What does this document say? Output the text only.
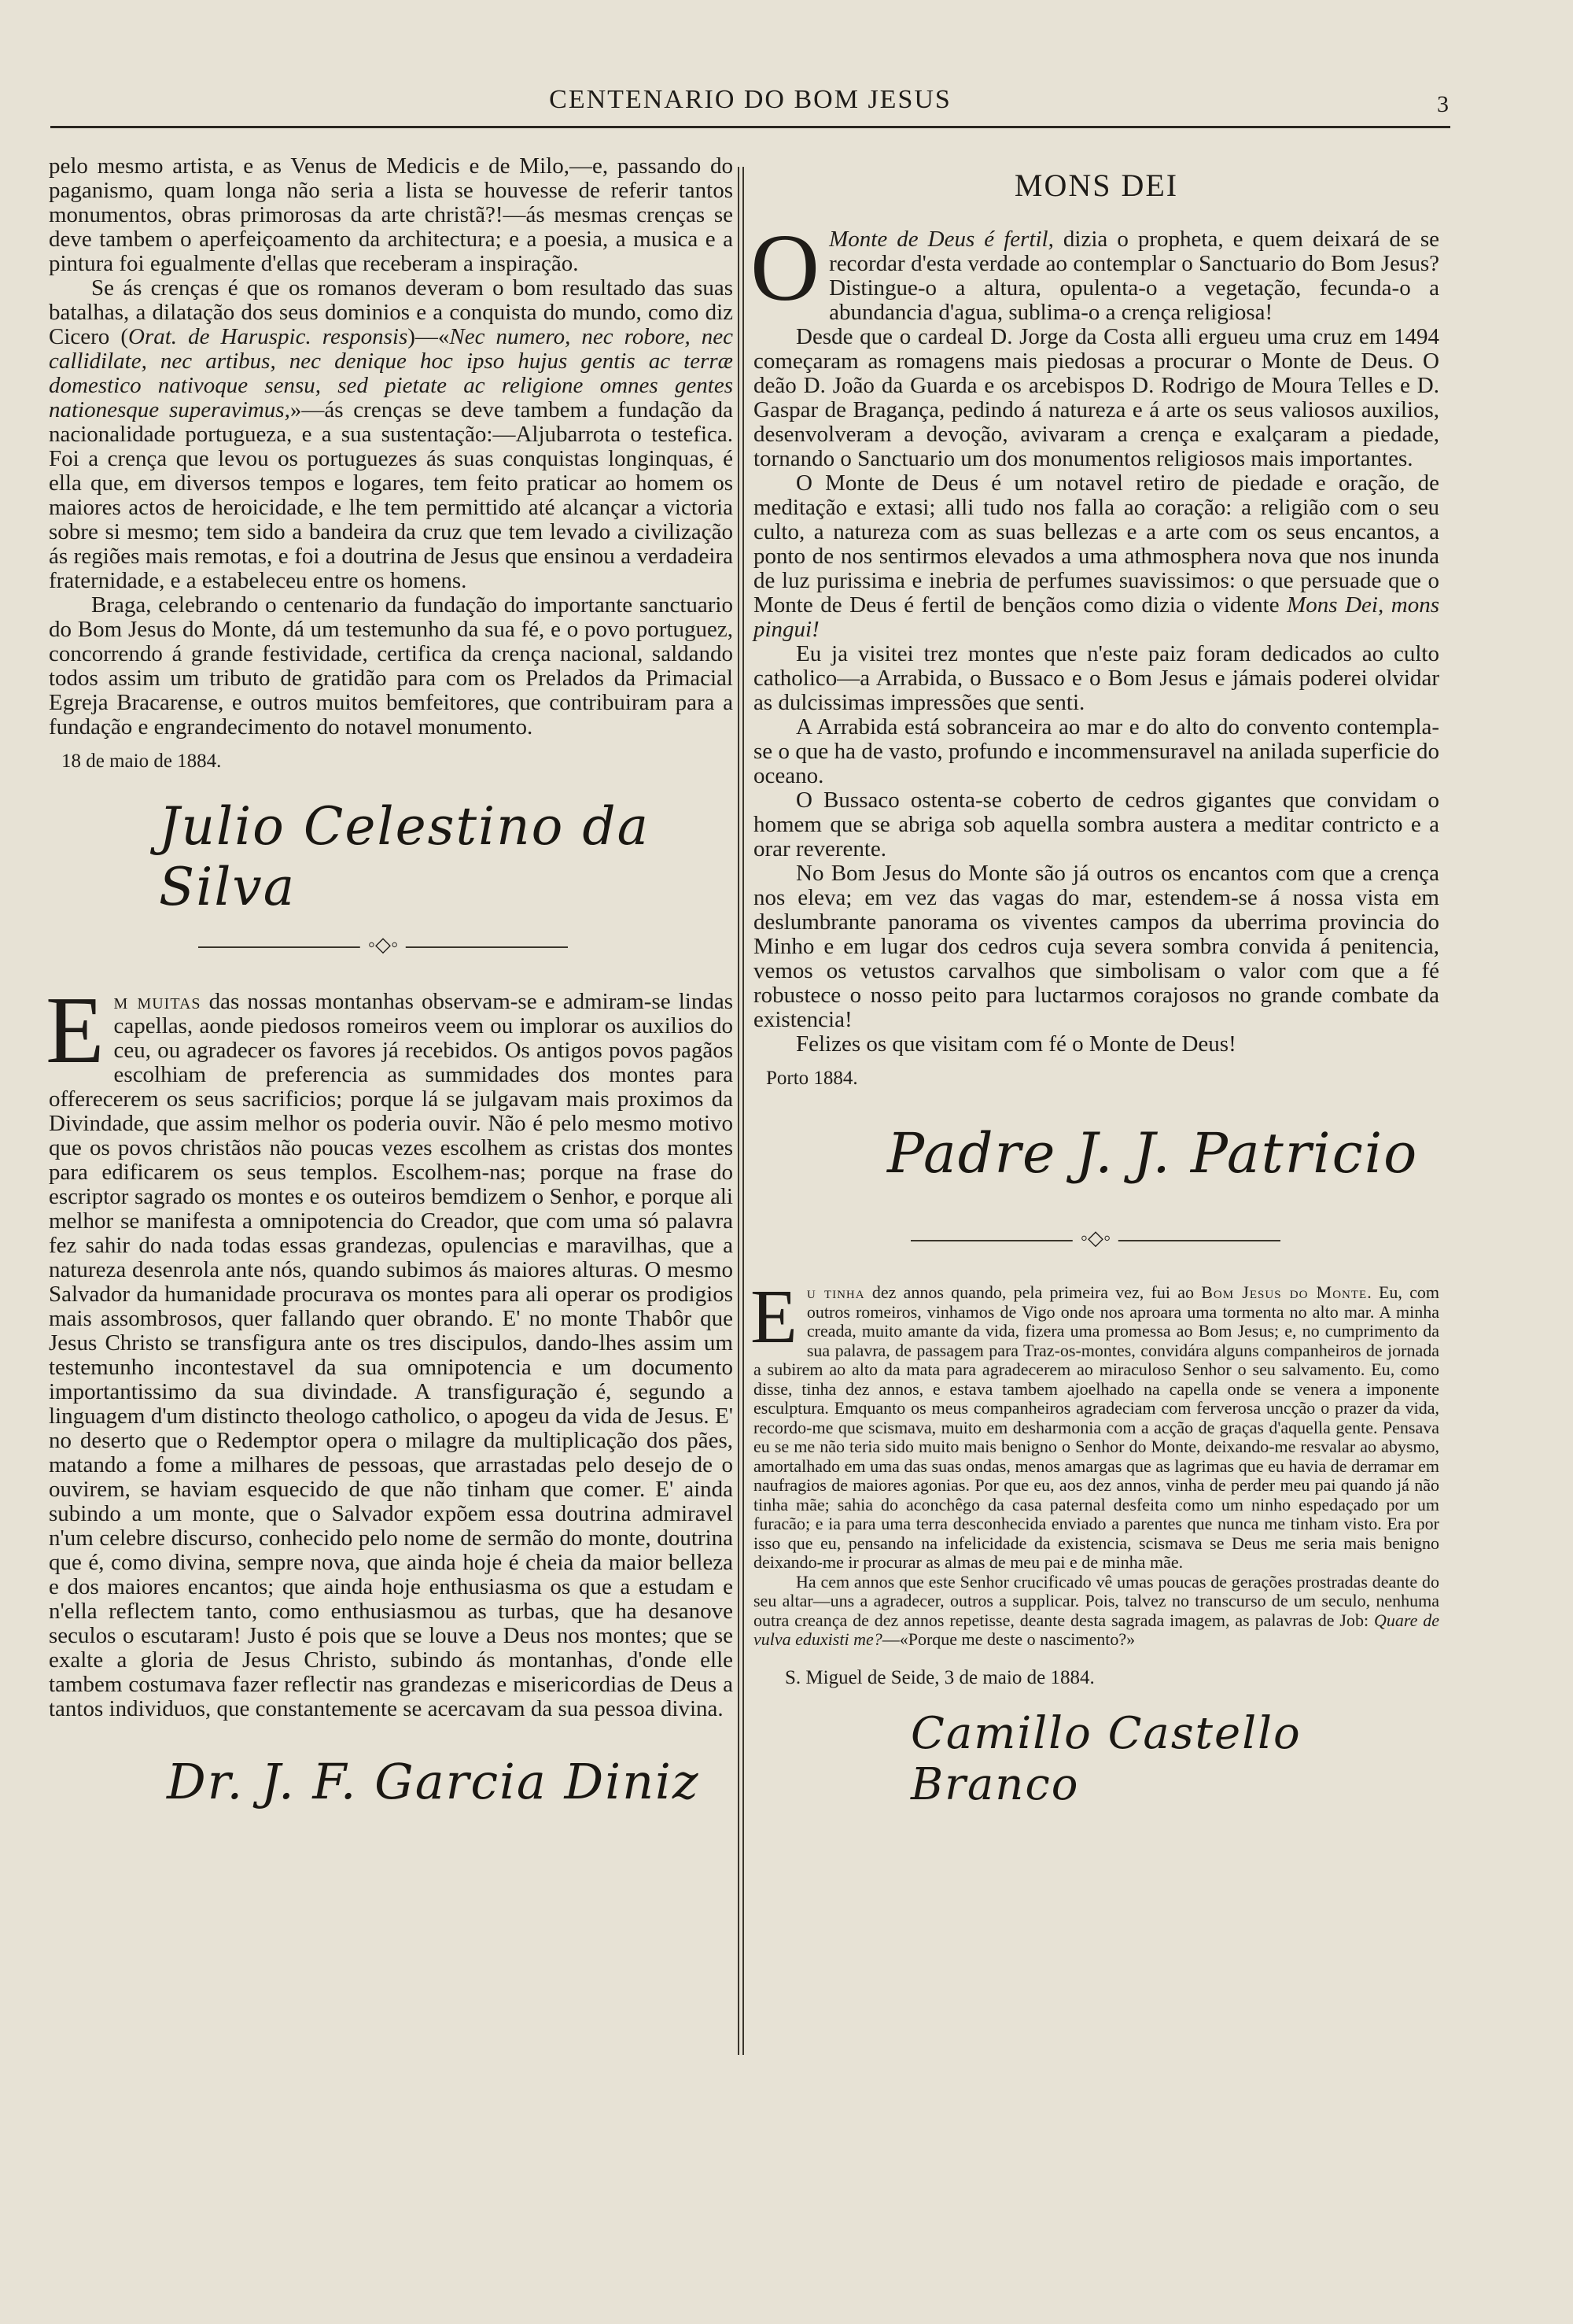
CENTENARIO DO BOM JESUS	3

pelo mesmo artista, e as Venus de Medicis e de Milo,—e, passando do paganismo, quam longa não seria a lista se houvesse de referir tantos monumentos, obras primorosas da arte christã?!—ás mesmas crenças se deve tambem o aperfeiçoamento da architectura; e a poesia, a musica e a pintura foi egualmente d'ellas que receberam a inspiração.

Se ás crenças é que os romanos deveram o bom resultado das suas batalhas, a dilatação dos seus dominios e a conquista do mundo, como diz Cicero (Orat. de Haruspic. responsis)—«Nec numero, nec robore, nec callidilate, nec artibus, nec denique hoc ipso hujus gentis ac terræ domestico nativoque sensu, sed pietate ac religione omnes gentes nationesque superavimus,»—ás crenças se deve tambem a fundação da nacionalidade portugueza, e a sua sustentação:—Aljubarrota o testefica. Foi a crença que levou os portuguezes ás suas conquistas longinquas, é ella que, em diversos tempos e logares, tem feito praticar ao homem os maiores actos de heroicidade, e lhe tem permittido até alcançar a victoria sobre si mesmo; tem sido a bandeira da cruz que tem levado a civilização ás regiões mais remotas, e foi a doutrina de Jesus que ensinou a verdadeira fraternidade, e a estabeleceu entre os homens.

Braga, celebrando o centenario da fundação do importante sanctuario do Bom Jesus do Monte, dá um testemunho da sua fé, e o povo portuguez, concorrendo á grande festividade, certifica da crença nacional, saldando todos assim um tributo de gratidão para com os Prelados da Primacial Egreja Bracarense, e outros muitos bemfeitores, que contribuiram para a fundação e engrandecimento do notavel monumento.

18 de maio de 1884.
Julio Celestino da Silva
◦◇◦

Em muitas das nossas montanhas observam-se e admiram-se lindas capellas, aonde piedosos romeiros veem ou implorar os auxilios do ceu, ou agradecer os favores já recebidos. Os antigos povos pagãos escolhiam de preferencia as summidades dos montes para offerecerem os seus sacrificios; porque lá se julgavam mais proximos da Divindade, que assim melhor os poderia ouvir. Não é pelo mesmo motivo que os povos christãos não poucas vezes escolhem as cristas dos montes para edificarem os seus templos. Escolhem-nas; porque na frase do escriptor sagrado os montes e os outeiros bemdizem o Senhor, e porque ali melhor se manifesta a omnipotencia do Creador, que com uma só palavra fez sahir do nada todas essas grandezas, opulencias e maravilhas, que a natureza desenrola ante nós, quando subimos ás maiores alturas. O mesmo Salvador da humanidade procurava os montes para ali operar os prodigios mais assombrosos, quer fallando quer obrando. E' no monte Thabôr que Jesus Christo se transfigura ante os tres discipulos, dando-lhes assim um testemunho incontestavel da sua omnipotencia e um documento importantissimo da sua divindade. A transfiguração é, segundo a linguagem d'um distincto theologo catholico, o apogeu da vida de Jesus. E' no deserto que o Redemptor opera o milagre da multiplicação dos pães, matando a fome a milhares de pessoas, que arrastadas pelo desejo de o ouvirem, se haviam esquecido de que não tinham que comer. E' ainda subindo a um monte, que o Salvador expõem essa doutrina admiravel n'um celebre discurso, conhecido pelo nome de sermão do monte, doutrina que é, como divina, sempre nova, que ainda hoje é cheia da maior belleza e dos maiores encantos; que ainda hoje enthusiasma os que a estudam e n'ella reflectem tanto, como enthusiasmou as turbas, que ha desanove seculos o escutaram! Justo é pois que se louve a Deus nos montes; que se exalte a gloria de Jesus Christo, subindo ás montanhas, d'onde elle tambem costumava fazer reflectir nas grandezas e misericordias de Deus a tantos individuos, que constantemente se acercavam da sua pessoa divina.

Dr. J. F. Garcia Diniz
MONS DEI

O Monte de Deus é fertil, dizia o propheta, e quem deixará de se recordar d'esta verdade ao contemplar o Sanctuario do Bom Jesus? Distingue-o a altura, opulenta-o a vegetação, fecunda-o a abundancia d'agua, sublima-o a crença religiosa!

Desde que o cardeal D. Jorge da Costa alli ergueu uma cruz em 1494 começaram as romagens mais piedosas a procurar o Monte de Deus. O deão D. João da Guarda e os arcebispos D. Rodrigo de Moura Telles e D. Gaspar de Bragança, pedindo á natureza e á arte os seus valiosos auxilios, desenvolveram a devoção, avivaram a crença e exalçaram a piedade, tornando o Sanctuario um dos monumentos religiosos mais importantes.

O Monte de Deus é um notavel retiro de piedade e oração, de meditação e extasi; alli tudo nos falla ao coração: a religião com o seu culto, a natureza com as suas bellezas e a arte com os seus encantos, a ponto de nos sentirmos elevados a uma athmosphera nova que nos inunda de luz purissima e inebria de perfumes suavissimos: o que persuade que o Monte de Deus é fertil de bençãos como dizia o vidente Mons Dei, mons pingui!

Eu ja visitei trez montes que n'este paiz foram dedicados ao culto catholico—a Arrabida, o Bussaco e o Bom Jesus e jámais poderei olvidar as dulcissimas impressões que senti.

A Arrabida está sobranceira ao mar e do alto do convento contempla-se o que ha de vasto, profundo e incommensuravel na anilada superficie do oceano.

O Bussaco ostenta-se coberto de cedros gigantes que convidam o homem que se abriga sob aquella sombra austera a meditar contricto e a orar reverente.

No Bom Jesus do Monte são já outros os encantos com que a crença nos eleva; em vez das vagas do mar, estendem-se á nossa vista em deslumbrante panorama os viventes campos da uberrima provincia do Minho e em lugar dos cedros cuja severa sombra convida á penitencia, vemos os vetustos carvalhos que simbolisam o valor com que a fé robustece o nosso peito para luctarmos corajosos no grande combate da existencia!

Felizes os que visitam com fé o Monte de Deus!

Porto 1884.
Padre J. J. Patricio
◦◇◦

Eu tinha dez annos quando, pela primeira vez, fui ao Bom Jesus do Monte. Eu, com outros romeiros, vinhamos de Vigo onde nos aproara uma tormenta no alto mar. A minha creada, muito amante da vida, fizera uma promessa ao Bom Jesus; e, no cumprimento da sua palavra, de passagem para Traz-os-montes, convidára alguns companheiros de jornada a subirem ao alto da mata para agradecerem ao miraculoso Senhor o seu salvamento. Eu, como disse, tinha dez annos, e estava tambem ajoelhado na capella onde se venera a imponente esculptura. Emquanto os meus companheiros agradeciam com ferverosa uncção o prazer da vida, recordo-me que scismava, muito em desharmonia com a acção de graças d'aquella gente. Pensava eu se me não teria sido muito mais benigno o Senhor do Monte, deixando-me resvalar ao abysmo, amortalhado em uma das suas ondas, menos amargas que as lagrimas que eu havia de derramar em naufragios de maiores agonias. Por que eu, aos dez annos, vinha de perder meu pai quando já não tinha mãe; sahia do aconchêgo da casa paternal desfeita como um ninho espedaçado por um furacão; e ia para uma terra desconhecida enviado a parentes que nunca me tinham visto. Era por isso que eu, pensando na infelicidade da existencia, scismava se Deus me seria mais benigno deixando-me ir procurar as almas de meu pai e de minha mãe.

Ha cem annos que este Senhor crucificado vê umas poucas de gerações prostradas deante do seu altar—uns a agradecer, outros a supplicar. Pois, talvez no transcurso de um seculo, nenhuma outra creança de dez annos repetisse, deante desta sagrada imagem, as palavras de Job: Quare de vulva eduxisti me?—«Porque me deste o nascimento?»

S. Miguel de Seide, 3 de maio de 1884.
Camillo Castello Branco
